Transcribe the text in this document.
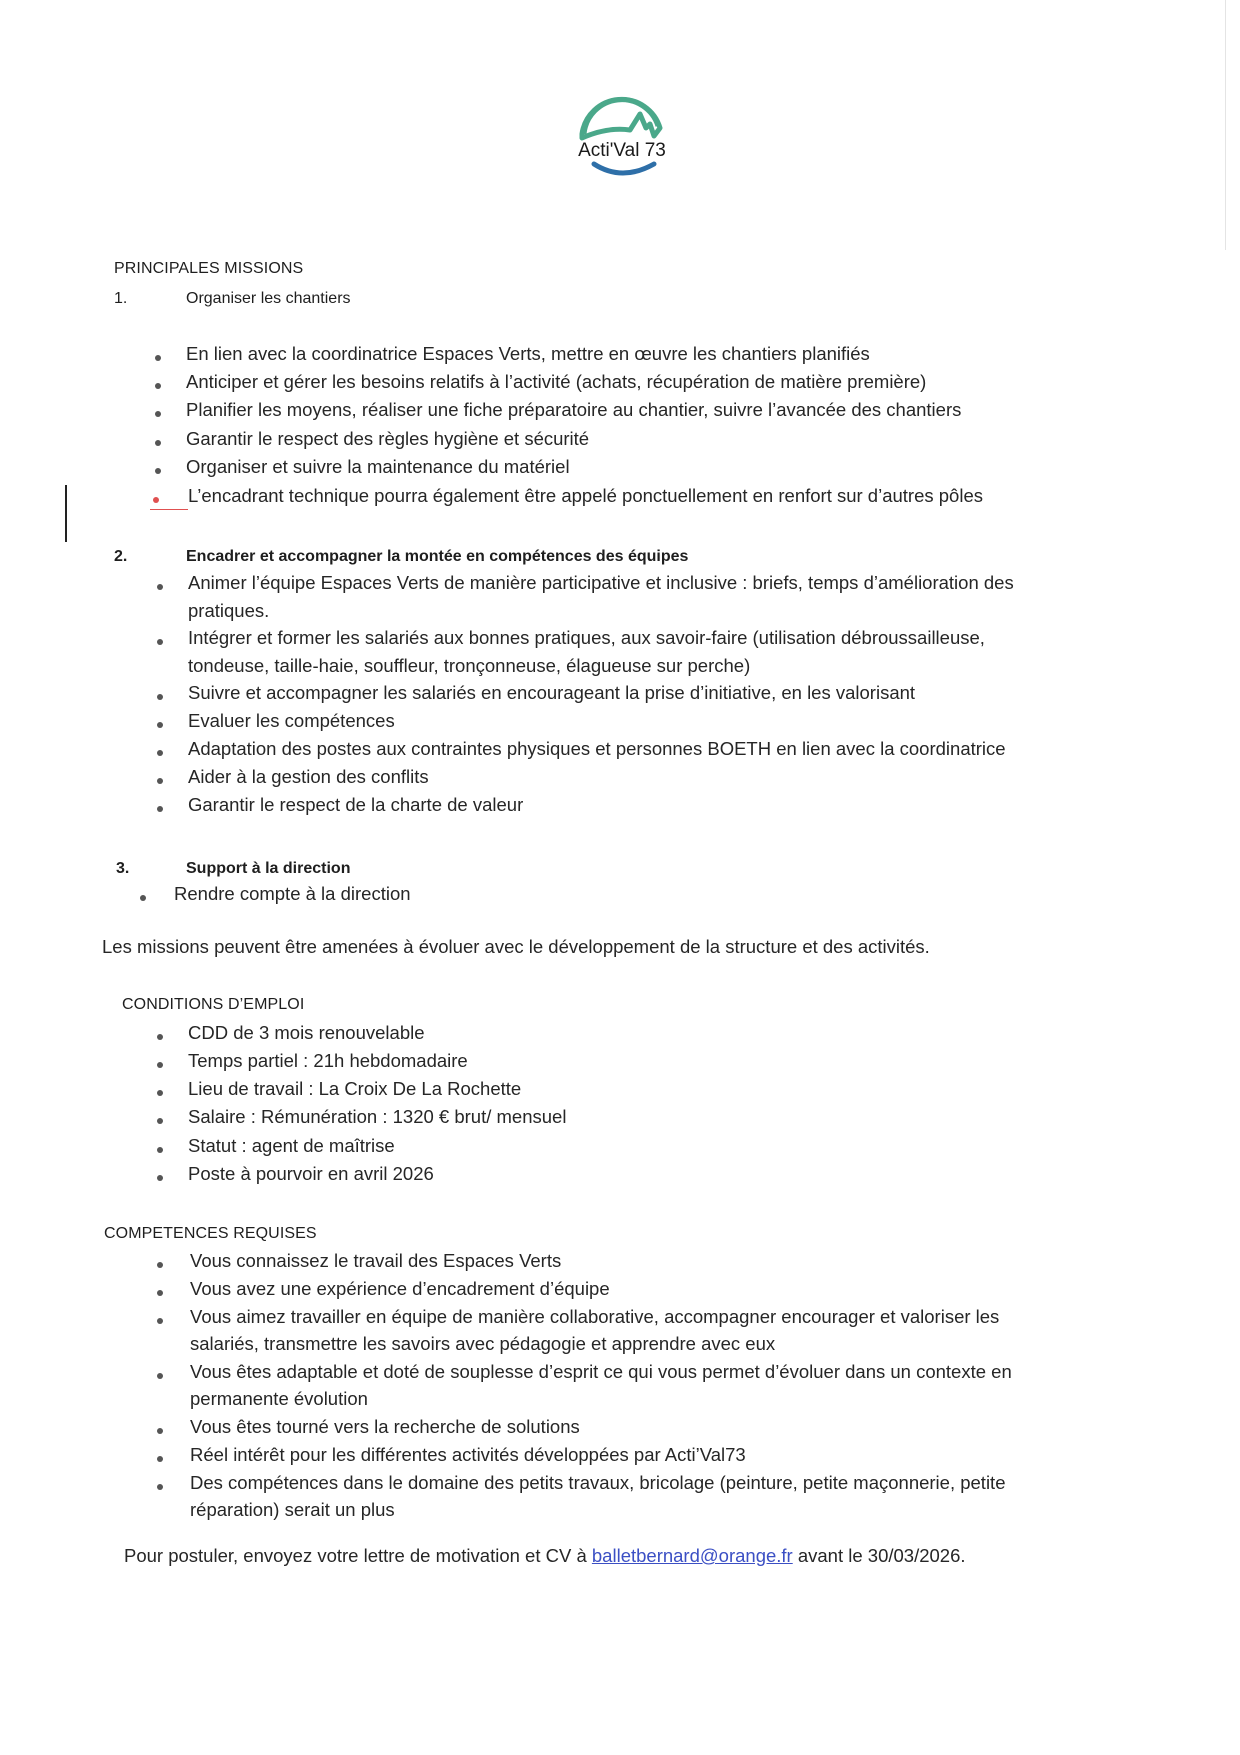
Acti'Val 73
PRINCIPALES MISSIONS
1.	Organiser les chantiers
En lien avec la coordinatrice Espaces Verts, mettre en œuvre les chantiers planifiés
Anticiper et gérer les besoins relatifs à l’activité (achats, récupération de matière première)
Planifier les moyens, réaliser une fiche préparatoire au chantier, suivre l’avancée des chantiers
Garantir le respect des règles hygiène et sécurité
Organiser et suivre la maintenance du matériel
L’encadrant technique pourra également être appelé ponctuellement en renfort sur d’autres pôles
2.	Encadrer et accompagner la montée en compétences des équipes
Animer l’équipe Espaces Verts de manière participative et inclusive : briefs, temps d’amélioration des
pratiques.
Intégrer et former les salariés aux bonnes pratiques, aux savoir-faire (utilisation débroussailleuse,
tondeuse, taille-haie, souffleur, tronçonneuse, élagueuse sur perche)
Suivre et accompagner les salariés en encourageant la prise d’initiative, en les valorisant
Evaluer les compétences
Adaptation des postes aux contraintes physiques et personnes BOETH en lien avec la coordinatrice
Aider à la gestion des conflits
Garantir le respect de la charte de valeur
3.	Support à la direction
Rendre compte à la direction
Les missions peuvent être amenées à évoluer avec le développement de la structure et des activités.
CONDITIONS D’EMPLOI
CDD de 3 mois renouvelable
Temps partiel : 21h hebdomadaire
Lieu de travail : La Croix De La Rochette
Salaire : Rémunération : 1320 € brut/ mensuel
Statut : agent de maîtrise
Poste à pourvoir en avril 2026
COMPETENCES REQUISES
Vous connaissez le travail des Espaces Verts
Vous avez une expérience d’encadrement d’équipe
Vous aimez travailler en équipe de manière collaborative, accompagner encourager et valoriser les
salariés, transmettre les savoirs avec pédagogie et apprendre avec eux
Vous êtes adaptable et doté de souplesse d’esprit ce qui vous permet d’évoluer dans un contexte en
permanente évolution
Vous êtes tourné vers la recherche de solutions
Réel intérêt pour les différentes activités développées par Acti’Val73
Des compétences dans le domaine des petits travaux, bricolage (peinture, petite maçonnerie, petite
réparation) serait un plus
Pour postuler, envoyez votre lettre de motivation et CV à balletbernard@orange.fr avant le 30/03/2026.
